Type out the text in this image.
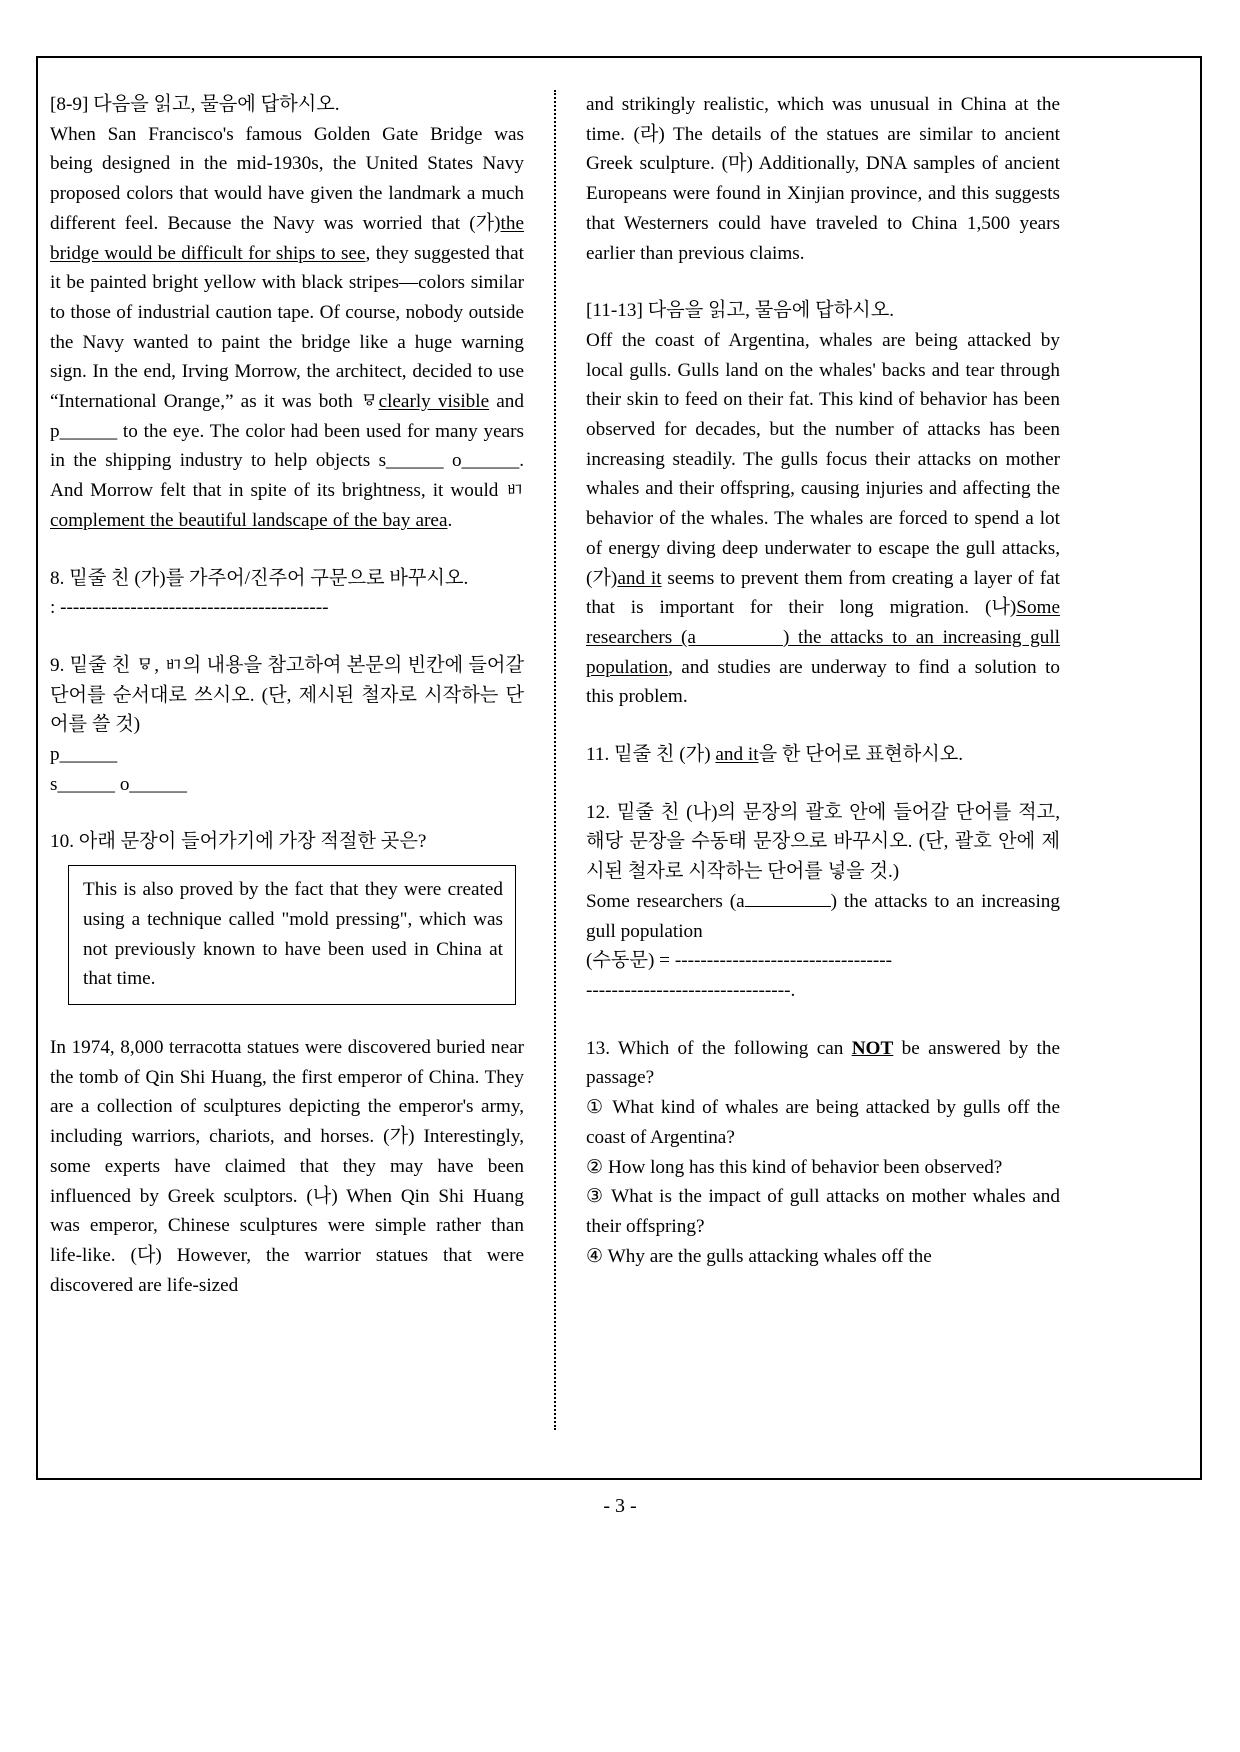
[8-9] 다음을 읽고, 물음에 답하시오.
When San Francisco's famous Golden Gate Bridge was being designed in the mid-1930s, the United States Navy proposed colors that would have given the landmark a much different feel. Because the Navy was worried that (가)the bridge would be difficult for ships to see, they suggested that it be painted bright yellow with black stripes—colors similar to those of industrial caution tape. Of course, nobody outside the Navy wanted to paint the bridge like a huge warning sign. In the end, Irving Morrow, the architect, decided to use “International Orange,” as it was both ㅱclearly visible and p______ to the eye. The color had been used for many years in the shipping industry to help objects s______ o______. And Morrow felt that in spite of its brightness, it would ㅲcomplement the beautiful landscape of the bay area.
8. 밑줄 친 (가)를 가주어/진주어 구문으로 바꾸시오.
: ------------------------------------------
9. 밑줄 친 ㅱ, ㅲ의 내용을 참고하여 본문의 빈칸에 들어갈 단어를 순서대로 쓰시오. (단, 제시된 철자로 시작하는 단어를 쓸 것)
p______
s______ o______
10. 아래 문장이 들어가기에 가장 적절한 곳은?
This is also proved by the fact that they were created using a technique called "mold pressing", which was not previously known to have been used in China at that time.
In 1974, 8,000 terracotta statues were discovered buried near the tomb of Qin Shi Huang, the first emperor of China. They are a collection of sculptures depicting the emperor's army, including warriors, chariots, and horses. (가) Interestingly, some experts have claimed that they may have been influenced by Greek sculptors. (나) When Qin Shi Huang was emperor, Chinese sculptures were simple rather than life-like. (다) However, the warrior statues that were discovered are life-sized
and strikingly realistic, which was unusual in China at the time. (라) The details of the statues are similar to ancient Greek sculpture. (마) Additionally, DNA samples of ancient Europeans were found in Xinjian province, and this suggests that Westerners could have traveled to China 1,500 years earlier than previous claims.
[11-13] 다음을 읽고, 물음에 답하시오.
Off the coast of Argentina, whales are being attacked by local gulls. Gulls land on the whales' backs and tear through their skin to feed on their fat. This kind of behavior has been observed for decades, but the number of attacks has been increasing steadily. The gulls focus their attacks on mother whales and their offspring, causing injuries and affecting the behavior of the whales. The whales are forced to spend a lot of energy diving deep underwater to escape the gull attacks, (가)and it seems to prevent them from creating a layer of fat that is important for their long migration. (나)Some researchers (a	) the attacks to an increasing gull population, and studies are underway to find a solution to this problem.
11. 밑줄 친 (가) and it을 한 단어로 표현하시오.
12. 밑줄 친 (나)의 문장의 괄호 안에 들어갈 단어를 적고, 해당 문장을 수동태 문장으로 바꾸시오. (단, 괄호 안에 제시된 철자로 시작하는 단어를 넣을 것.)
Some researchers (a	) the attacks to an increasing gull population
(수동문) = ----------------------------------
--------------------------------.
13. Which of the following can NOT be answered by the passage?
① What kind of whales are being attacked by gulls off the coast of Argentina?
② How long has this kind of behavior been observed?
③ What is the impact of gull attacks on mother whales and their offspring?
④ Why are the gulls attacking whales off the
- 3 -
